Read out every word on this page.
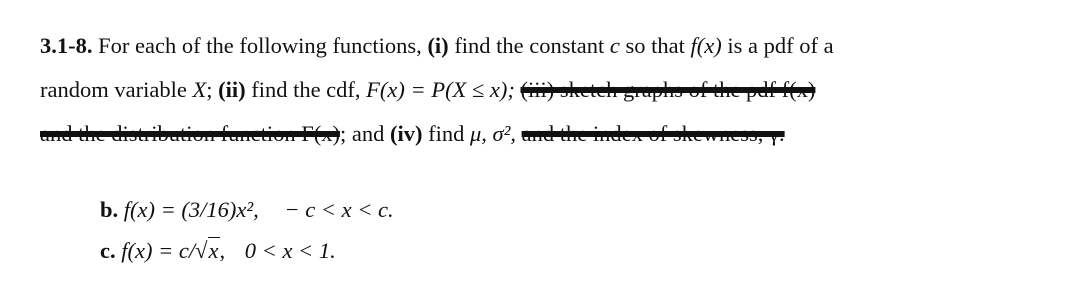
3.1-8. For each of the following functions, (i) find the constant c so that f(x) is a pdf of a
random variable X; (ii) find the cdf, F(x) = P(X ≤ x); (iii) sketch graphs of the pdf f(x)
and the distribution function F(x); and (iv) find μ, σ², and the index of skewness, γ.
b. f(x) = (3/16)x², − c < x < c.
c. f(x) = c/√x, 0 < x < 1.
